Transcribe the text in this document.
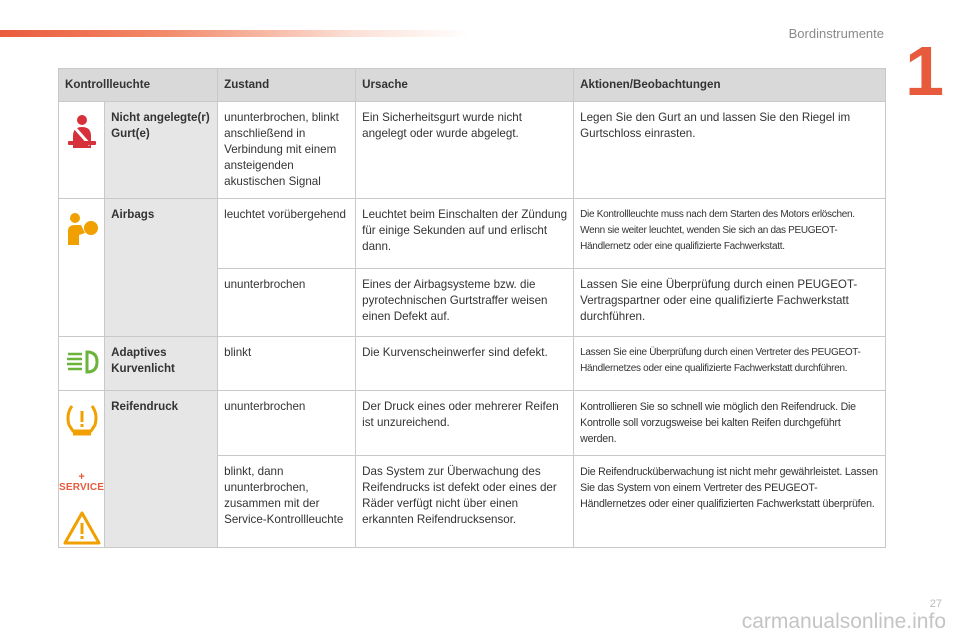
Bordinstrumente 1
Kontrollleuchte		Zustand	Ursache	Aktionen/Beobachtungen

	Nicht angelegte(r) Gurt(e)	ununterbrochen, blinkt anschließend in Verbindung mit einem ansteigenden akustischen Signal	Ein Sicherheitsgurt wurde nicht angelegt oder wurde abgelegt.	Legen Sie den Gurt an und lassen Sie den Riegel im Gurtschloss einrasten.

	Airbags	leuchtet vorübergehend	Leuchtet beim Einschalten der Zündung für einige Sekunden auf und erlischt dann.	Die Kontrollleuchte muss nach dem Starten des Motors erlöschen. Wenn sie weiter leuchtet, wenden Sie sich an das PEUGEOT-Händlernetz oder eine qualifizierte Fachwerkstatt.
		ununterbrochen	Eines der Airbagsysteme bzw. die pyrotechnischen Gurtstraffer weisen einen Defekt auf.	Lassen Sie eine Überprüfung durch einen PEUGEOT-Vertragspartner oder eine qualifizierte Fachwerkstatt durchführen.

	Adaptives Kurvenlicht	blinkt	Die Kurvenscheinwerfer sind defekt.	Lassen Sie eine Überprüfung durch einen Vertreter des PEUGEOT-Händlernetzes oder eine qualifizierte Fachwerkstatt durchführen.

+
SERVICE	Reifendruck	ununterbrochen	Der Druck eines oder mehrerer Reifen ist unzureichend.	Kontrollieren Sie so schnell wie möglich den Reifendruck. Die Kontrolle soll vorzugsweise bei kalten Reifen durchgeführt werden.
		blinkt, dann ununterbrochen, zusammen mit der Service-Kontrollleuchte	Das System zur Überwachung des Reifendrucks ist defekt oder eines der Räder verfügt nicht über einen erkannten Reifendrucksensor.	Die Reifendrucküberwachung ist nicht mehr gewährleistet. Lassen Sie das System von einem Vertreter des PEUGEOT-Händlernetzes oder einer qualifizierten Fachwerkstatt überprüfen.
27
carmanualsonline.info
